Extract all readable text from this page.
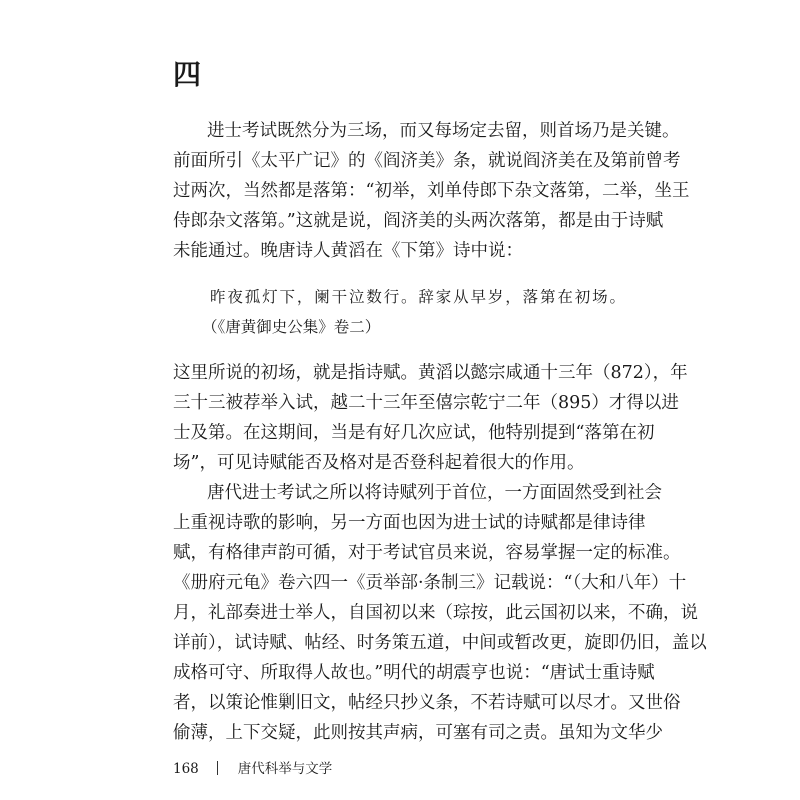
四
进士考试既然分为三场，而又每场定去留，则首场乃是关键。
前面所引《太平广记》的《阎济美》条，就说阎济美在及第前曾考
过两次，当然都是落第：“初举，刘单侍郎下杂文落第，二举，坐王
侍郎杂文落第。”这就是说，阎济美的头两次落第，都是由于诗赋
未能通过。晚唐诗人黄滔在《下第》诗中说：
昨夜孤灯下，阑干泣数行。辞家从早岁，落第在初场。
（《唐黄御史公集》卷二）
这里所说的初场，就是指诗赋。黄滔以懿宗咸通十三年（872），年
三十三被荐举入试，越二十三年至僖宗乾宁二年（895）才得以进
士及第。在这期间，当是有好几次应试，他特别提到“落第在初
场”，可见诗赋能否及格对是否登科起着很大的作用。
唐代进士考试之所以将诗赋列于首位，一方面固然受到社会
上重视诗歌的影响，另一方面也因为进士试的诗赋都是律诗律
赋，有格律声韵可循，对于考试官员来说，容易掌握一定的标准。
《册府元龟》卷六四一《贡举部·条制三》记载说：“（大和八年）十
月，礼部奏进士举人，自国初以来（琮按，此云国初以来，不确，说
详前），试诗赋、帖经、时务策五道，中间或暂改更，旋即仍旧，盖以
成格可守、所取得人故也。”明代的胡震亨也说：“唐试士重诗赋
者，以策论惟剿旧文，帖经只抄义条，不若诗赋可以尽才。又世俗
偷薄，上下交疑，此则按其声病，可塞有司之责。虽知为文华少
168	唐代科举与文学
